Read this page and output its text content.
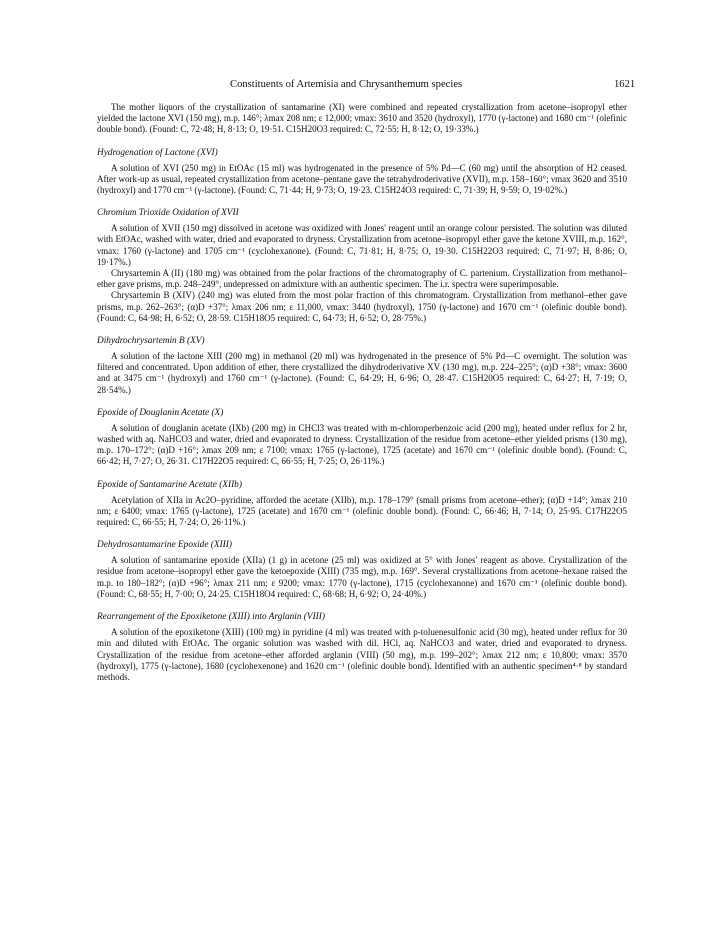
Constituents of Artemisia and Chrysanthemum species	1621

The mother liquors of the crystallization of santamarine (XI) were combined and repeated crystallization from acetone–isopropyl ether yielded the lactone XVI (150 mg), m.p. 146°; λmax 208 nm; ε 12,000; νmax: 3610 and 3520 (hydroxyl), 1770 (γ-lactone) and 1680 cm⁻¹ (olefinic double bond). (Found: C, 72·48; H, 8·13; O, 19·51. C15H20O3 required: C, 72·55; H, 8·12; O, 19·33%.)

Hydrogenation of Lactone (XVI)

A solution of XVI (250 mg) in EtOAc (15 ml) was hydrogenated in the presence of 5% Pd—C (60 mg) until the absorption of H2 ceased. After work-up as usual, repeated crystallization from acetone–pentane gave the tetrahydroderivative (XVII), m.p. 158–160°; νmax 3620 and 3510 (hydroxyl) and 1770 cm⁻¹ (γ-lactone). (Found: C, 71·44; H, 9·73; O, 19·23. C15H24O3 required: C, 71·39; H, 9·59; O, 19·02%.)

Chromium Trioxide Oxidation of XVII

A solution of XVII (150 mg) dissolved in acetone was oxidized with Jones' reagent until an orange colour persisted. The solution was diluted with EtOAc, washed with water, dried and evaporated to dryness. Crystallization from acetone–isopropyl ether gave the ketone XVIII, m.p. 162°, νmax: 1760 (γ-lactone) and 1705 cm⁻¹ (cyclohexanone). (Found: C, 71·81; H, 8·75; O, 19·30. C15H22O3 required: C, 71·97; H, 8·86; O, 19·17%.)

Chrysartemin A (II) (180 mg) was obtained from the polar fractions of the chromatography of C. partenium. Crystallization from methanol–ether gave prisms, m.p. 248–249°, undepressed on admixture with an authentic specimen. The i.r. spectra were superimposable.

Chrysartemin B (XIV) (240 mg) was eluted from the most polar fraction of this chromatogram. Crystallization from methanol–ether gave prisms, m.p. 262–263°; (α)D +37°; λmax 206 nm; ε 11,000, νmax: 3440 (hydroxyl), 1750 (γ-lactone) and 1670 cm⁻¹ (olefinic double bond). (Found: C, 64·98; H, 6·52; O, 28·59. C15H18O5 required: C, 64·73; H, 6·52; O, 28·75%.)

Dihydrochrysartemin B (XV)

A solution of the lactone XIII (200 mg) in methanol (20 ml) was hydrogenated in the presence of 5% Pd—C overnight. The solution was filtered and concentrated. Upon addition of ether, there crystallized the dihydroderivative XV (130 mg), m.p. 224–225°; (α)D +38°; νmax: 3600 and at 3475 cm⁻¹ (hydroxyl) and 1760 cm⁻¹ (γ-lactone). (Found: C, 64·29; H, 6·96; O, 28·47. C15H20O5 required: C, 64·27; H, 7·19; O, 28·54%.)

Epoxide of Douglanin Acetate (X)

A solution of douglanin acetate (IXb) (200 mg) in CHCl3 was treated with m-chloroperbenzoic acid (200 mg), heated under reflux for 2 hr, washed with aq. NaHCO3 and water, dried and evaporated to dryness. Crystallization of the residue from acetone–ether yielded prisms (130 mg), m.p. 170–172°; (α)D +16°; λmax 209 nm; ε 7100; νmax: 1765 (γ-lactone), 1725 (acetate) and 1670 cm⁻¹ (olefinic double bond). (Found: C, 66·42; H, 7·27; O, 26·31. C17H22O5 required: C, 66·55; H, 7·25; O, 26·11%.)

Epoxide of Santamarine Acetate (XIIb)

Acetylation of XIIa in Ac2O–pyridine, afforded the acetate (XIIb), m.p. 178–179° (small prisms from acetone–ether); (α)D +14°; λmax 210 nm; ε 6400; νmax: 1765 (γ-lactone), 1725 (acetate) and 1670 cm⁻¹ (olefinic double bond). (Found: C, 66·46; H, 7·14; O, 25·95. C17H22O5 required: C, 66·55; H, 7·24; O, 26·11%.)

Dehydrosantamarine Epoxide (XIII)

A solution of santamarine epoxide (XIIa) (1 g) in acetone (25 ml) was oxidized at 5° with Jones' reagent as above. Crystallization of the residue from acetone–isopropyl ether gave the ketoepoxide (XIII) (735 mg), m.p. 169°. Several crystallizations from acetone–hexane raised the m.p. to 180–182°; (α)D +96°; λmax 211 nm; ε 9200; νmax: 1770 (γ-lactone), 1715 (cyclohexanone) and 1670 cm⁻¹ (olefinic double bond). (Found: C, 68·55; H, 7·00; O, 24·25. C15H18O4 required: C, 68·68; H, 6·92; O, 24·40%.)

Rearrangement of the Epoxiketone (XIII) into Arglanin (VIII)

A solution of the epoxiketone (XIII) (100 mg) in pyridine (4 ml) was treated with p-toluenesulfonic acid (30 mg), heated under reflux for 30 min and diluted with EtOAc. The organic solution was washed with dil. HCl, aq. NaHCO3 and water, dried and evaporated to dryness. Crystallization of the residue from acetone–ether afforded arglanin (VIII) (50 mg), m.p. 199–202°; λmax 212 nm; ε 10,800; νmax: 3570 (hydroxyl), 1775 (γ-lactone), 1680 (cyclohexenone) and 1620 cm⁻¹ (olefinic double bond). Identified with an authentic specimen⁴·⁸ by standard methods.
